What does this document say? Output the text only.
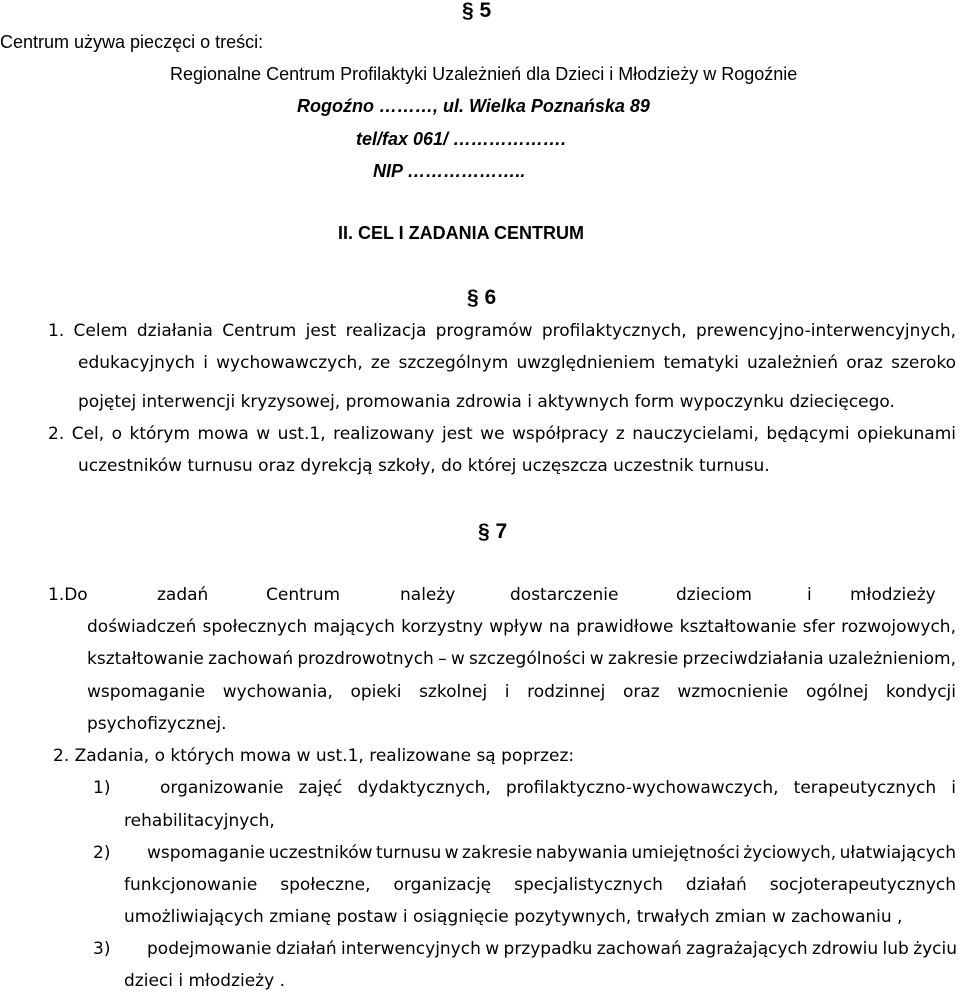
§ 5
Centrum używa pieczęci o treści:
Regionalne Centrum Profilaktyki Uzależnień dla Dzieci i Młodzieży w Rogoźnie
Rogoźno ………, ul. Wielka Poznańska 89
tel/fax 061/ ……………….
NIP ………………..
II. CEL I ZADANIA CENTRUM
§ 6
1. Celem działania Centrum jest realizacja programów profilaktycznych, prewencyjno-interwencyjnych,
edukacyjnych i wychowawczych, ze szczególnym uwzględnieniem tematyki uzależnień oraz szeroko
pojętej interwencji kryzysowej, promowania zdrowia i aktywnych form wypoczynku dziecięcego.
2. Cel, o którym mowa w ust.1, realizowany jest we współpracy z nauczycielami, będącymi opiekunami
uczestników turnusu oraz dyrekcją szkoły, do której uczęszcza uczestnik turnusu.
§ 7
1.Do	zadań	Centrum	należy	dostarczenie	dzieciom	i młodzieży
doświadczeń społecznych mających korzystny wpływ na prawidłowe kształtowanie sfer rozwojowych,
kształtowanie zachowań prozdrowotnych – w szczególności w zakresie przeciwdziałania uzależnieniom,
wspomaganie wychowania, opieki szkolnej i rodzinnej oraz wzmocnienie ogólnej kondycji
psychofizycznej.
2. Zadania, o których mowa w ust.1, realizowane są poprzez:
1)	organizowanie zajęć dydaktycznych, profilaktyczno-wychowawczych, terapeutycznych i
rehabilitacyjnych,
2) wspomaganie uczestników turnusu w zakresie nabywania umiejętności życiowych, ułatwiających
funkcjonowanie społeczne, organizację specjalistycznych działań socjoterapeutycznych
umożliwiających zmianę postaw i osiągnięcie pozytywnych, trwałych zmian w zachowaniu ,
3) podejmowanie działań interwencyjnych w przypadku zachowań zagrażających zdrowiu lub życiu
dzieci i młodzieży .
